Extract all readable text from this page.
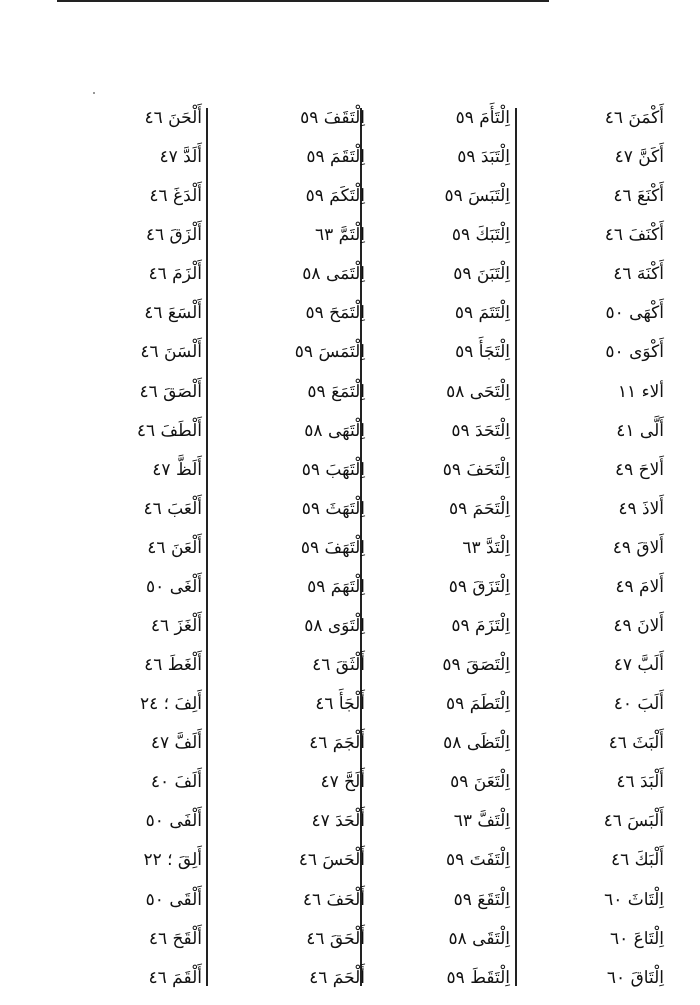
أَكْمَنَ ٤٦
أَكَنَّ ٤٧
أَكْنَعَ ٤٦
أَكْنَفَ ٤٦
أَكْنَهَ ٤٦
أَكْهَى ٥٠
أَكْوَى ٥٠
ألاء ١١
أَلَّى ٤١
أَلاحَ ٤٩
أَلاذَ ٤٩
أَلاقَ ٤٩
أَلامَ ٤٩
أَلانَ ٤٩
أَلَبَّ ٤٧
أَلَبَ ٤٠
أَلْبَثَ ٤٦
أَلْبَدَ ٤٦
أَلْبَسَ ٤٦
أَلْبَكَ ٤٦
اِلْتَاثَ ٦٠
اِلْتَاعَ ٦٠
اِلْتَاقَ ٦٠
اِلْتَأَمَ ٥٩
اِلْتَبَدَ ٥٩
اِلْتَبَسَ ٥٩
اِلْتَبَكَ ٥٩
اِلْتَبَنَ ٥٩
اِلْتَتَمَ ٥٩
اِلْتَجَأَ ٥٩
اِلْتَحَى ٥٨
اِلْتَحَدَ ٥٩
اِلْتَحَفَ ٥٩
اِلْتَحَمَ ٥٩
اِلْتَدَّ ٦٣
اِلْتَزَقَ ٥٩
اِلْتَزَمَ ٥٩
اِلْتَصَقَ ٥٩
اِلْتَطَمَ ٥٩
اِلْتَظَى ٥٨
اِلْتَعَنَ ٥٩
اِلْتَفَّ ٦٣
اِلْتَفَتَ ٥٩
اِلْتَقَعَ ٥٩
اِلْتَقَى ٥٨
اِلْتَقَطَ ٥٩
اِلْتَقَفَ ٥٩
اِلْتَقَمَ ٥٩
اِلْتَكَمَ ٥٩
اِلْتَمَّ ٦٣
اِلْتَمَى ٥٨
اِلْتَمَحَ ٥٩
اِلْتَمَسَ ٥٩
اِلْتَمَعَ ٥٩
اِلْتَهَى ٥٨
اِلْتَهَبَ ٥٩
اِلْتَهَثَ ٥٩
اِلْتَهَفَ ٥٩
اِلْتَهَمَ ٥٩
اِلْتَوَى ٥٨
أَلْثَقَ ٤٦
أَلْجَأَ ٤٦
أَلْجَمَ ٤٦
أَلَحَّ ٤٧
أَلْحَدَ ٤٧
أَلْحَسَ ٤٦
أَلْحَفَ ٤٦
أَلْحَقَ ٤٦
أَلْحَمَ ٤٦
أَلْحَنَ ٤٦
أَلَدَّ ٤٧
أَلْدَغَ ٤٦
أَلْزَقَ ٤٦
أَلْزَمَ ٤٦
أَلْسَعَ ٤٦
أَلْسَنَ ٤٦
أَلْصَقَ ٤٦
أَلْطَفَ ٤٦
أَلَظَّ ٤٧
أَلْعَبَ ٤٦
أَلْعَنَ ٤٦
أَلْغَى ٥٠
أَلْغَزَ ٤٦
أَلْغَطَ ٤٦
أَلِفَ ؛ ٢٤
أَلَفَّ ٤٧
أَلَفَ ٤٠
أَلْفَى ٥٠
أَلِقَ ؛ ٢٢
أَلْقَى ٥٠
أَلْقَحَ ٤٦
أَلْقَمَ ٤٦
